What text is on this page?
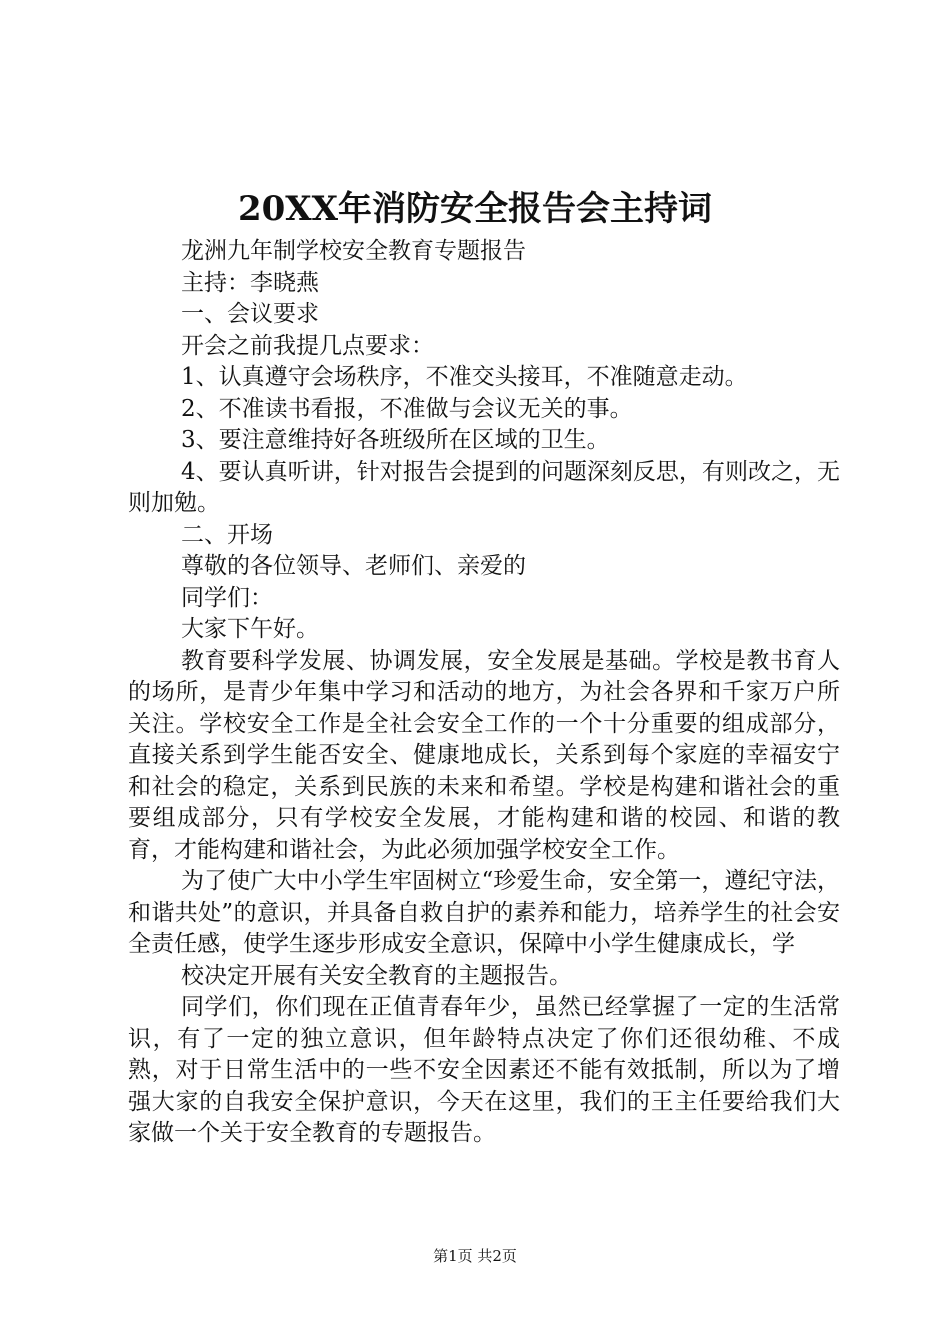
20XX年消防安全报告会主持词

龙洲九年制学校安全教育专题报告

主持：李晓燕

一、会议要求

开会之前我提几点要求：

1、认真遵守会场秩序，不准交头接耳，不准随意走动。

2、不准读书看报，不准做与会议无关的事。

3、要注意维持好各班级所在区域的卫生。

4、要认真听讲，针对报告会提到的问题深刻反思，有则改之，无则加勉。

二、开场

尊敬的各位领导、老师们、亲爱的

同学们：

大家下午好。

教育要科学发展、协调发展，安全发展是基础。学校是教书育人的场所，是青少年集中学习和活动的地方，为社会各界和千家万户所关注。学校安全工作是全社会安全工作的一个十分重要的组成部分，直接关系到学生能否安全、健康地成长，关系到每个家庭的幸福安宁和社会的稳定，关系到民族的未来和希望。学校是构建和谐社会的重要组成部分，只有学校安全发展，才能构建和谐的校园、和谐的教育，才能构建和谐社会，为此必须加强学校安全工作。

为了使广大中小学生牢固树立“珍爱生命，安全第一，遵纪守法，和谐共处”的意识，并具备自救自护的素养和能力，培养学生的社会安全责任感，使学生逐步形成安全意识，保障中小学生健康成长，学

校决定开展有关安全教育的主题报告。

同学们，你们现在正值青春年少，虽然已经掌握了一定的生活常识，有了一定的独立意识，但年龄特点决定了你们还很幼稚、不成熟，对于日常生活中的一些不安全因素还不能有效抵制，所以为了增强大家的自我安全保护意识，今天在这里，我们的王主任要给我们大家做一个关于安全教育的专题报告。

第1页 共2页
